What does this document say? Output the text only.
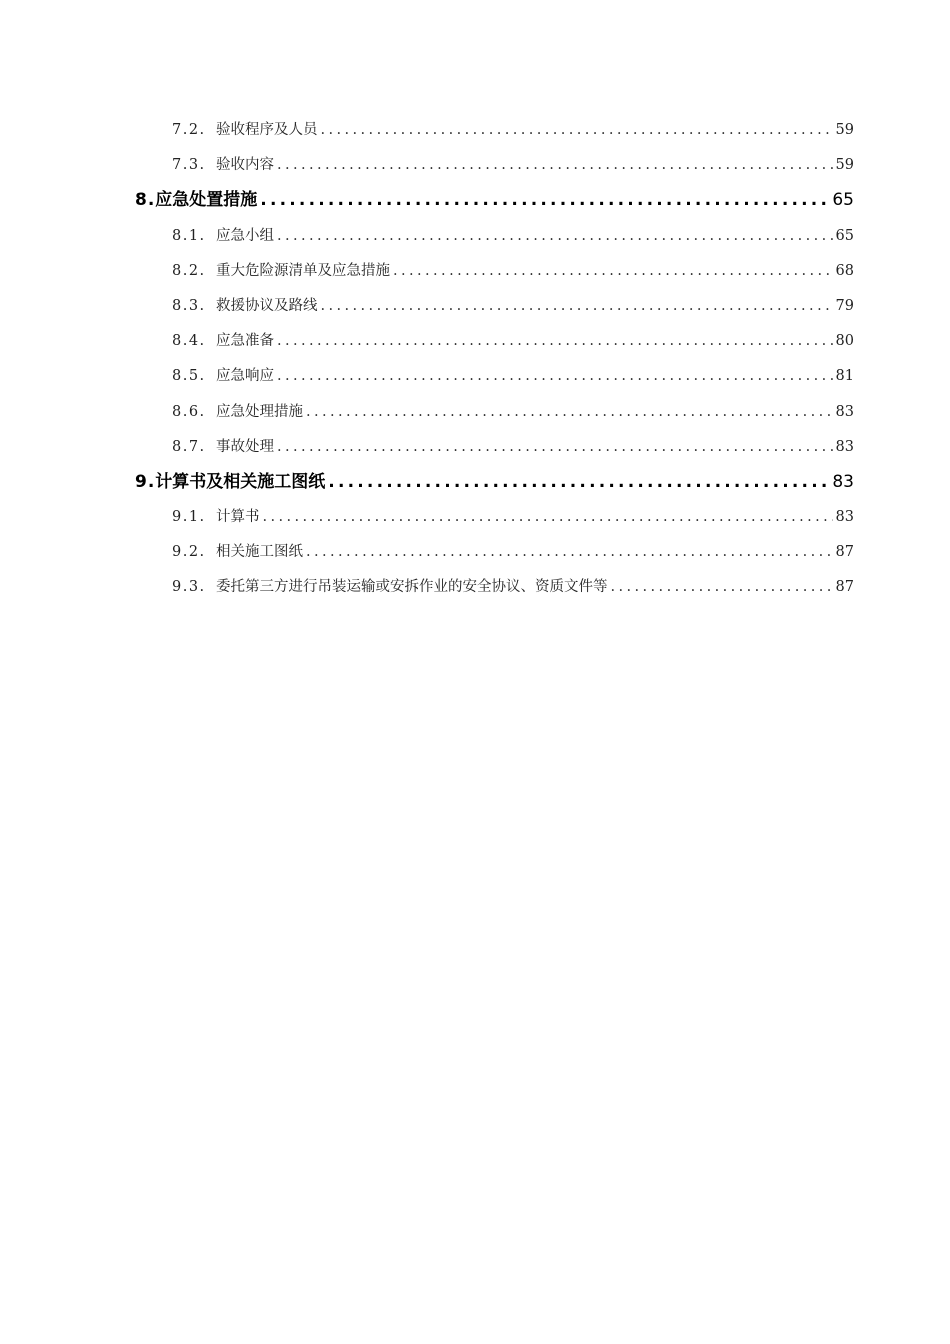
7.2. 验收程序及人员 .....	59
7.3. 验收内容 .....	59
8. 应急处置措施 .....	65
8.1. 应急小组 .....	65
8.2. 重大危险源清单及应急措施 .....	68
8.3. 救援协议及路线 .....	79
8.4. 应急准备 .....	80
8.5. 应急响应 .....	81
8.6. 应急处理措施 .....	83
8.7. 事故处理 .....	83
9. 计算书及相关施工图纸 .....	83
9.1. 计算书 .....	83
9.2. 相关施工图纸 .....	87
9.3. 委托第三方进行吊装运输或安拆作业的安全协议、资质文件等 .....	87
